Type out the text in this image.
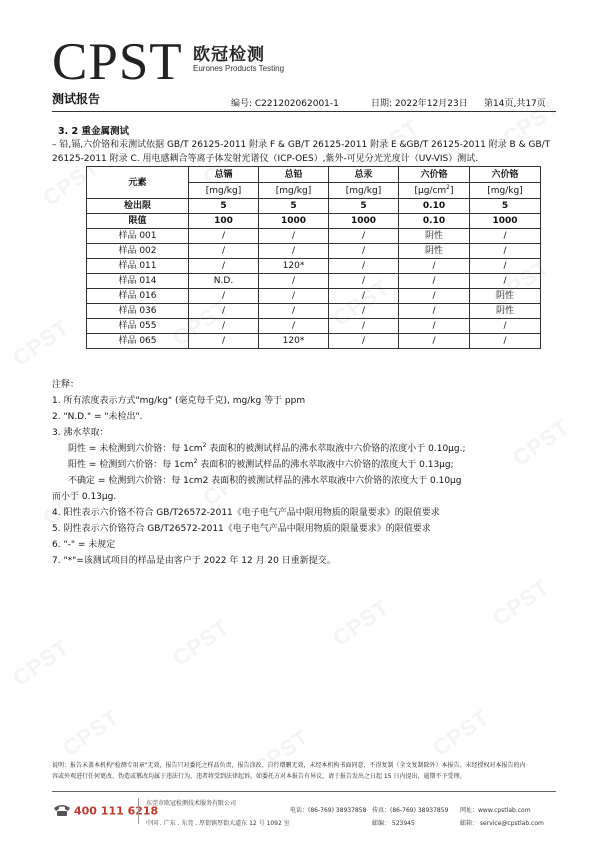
CPST 欧冠检测
Eurones Products Testing
测试报告	编号: C221202062001-1	日期: 2022年12月23日 第14页,共17页
3. 2 重金属测试
– 铅,镉,六价铬和汞测试依据 GB/T 26125-2011 附录 F & GB/T 26125-2011 附录 E &GB/T 26125-2011 附录 B & GB/T 26125-2011 附录 C. 用电感耦合等离子体发射光谱仪（ICP-OES）,紫外-可见分光光度计（UV-VIS）测试.
元素	总镉	总铅	总汞	六价铬	六价铬
	[mg/kg]	[mg/kg]	[mg/kg]	$[\mu g/cm^2]$	[mg/kg]
检出限	5	5	5	0.10	5
限值	100	1000	1000	0.10	1000
样品 001	/	/	/	阴性	/
样品 002	/	/	/	阴性	/
样品 011	/	120*	/	/	/
样品 014	N.D.	/	/	/	/
样品 016	/	/	/	/	阴性
样品 036	/	/	/	/	阴性
样品 055	/	/	/	/	/
样品 065	/	120*	/	/	/
注释：
1. 所有浓度表示方式"mg/kg" (毫克每千克), mg/kg 等于 ppm
2. "N.D." = "未检出".
3. 沸水萃取：
阴性 = 未检测到六价铬：每 $1cm^2$ 表面积的被测试样品的沸水萃取液中六价铬的浓度小于 0.10μg.;
阳性 = 检测到六价铬：每 $1cm^2$ 表面积的被测试样品的沸水萃取液中六价铬的浓度大于 0.13μg;
不确定 = 检测到六价铬：每 1cm2 表面积的被测试样品的沸水萃取液中六价铬的浓度大于 0.10μg
而小于 0.13μg.
4. 阳性表示六价铬不符合 GB/T26572-2011《电子电气产品中限用物质的限量要求》的限值要求
5. 阴性表示六价铬符合 GB/T26572-2011《电子电气产品中限用物质的限量要求》的限值要求
6. "-" = 未规定
7. "*"=该测试项目的样品是由客户于 2022 年 12 月 20 日重新提交。
说明：报告未盖本机构"检测专用章"无效，报告只对委托之样品负责，报告涂改、自行增删无效，未经本机构书面同意，不得复制（全文复制除外）本报告。未经授权对本报告的内
容或外观进行任何更改、伪造或篡改均属于违法行为，违者将受到法律起诉。如委托方对本报告有异议，请于报告发出之日起 15 日内提出，逾期不予受理。
400 111 6218
东莞市欧冠检测技术服务有限公司
电话：(86-769) 38937858 传真：(86-769) 38937859 网址：www.cpstlab.com
中国 . 广东 . 东莞 . 厚街镇厚街大道东 12 号 1092 室	邮编： 523945	邮箱： service@cpstlab.com
